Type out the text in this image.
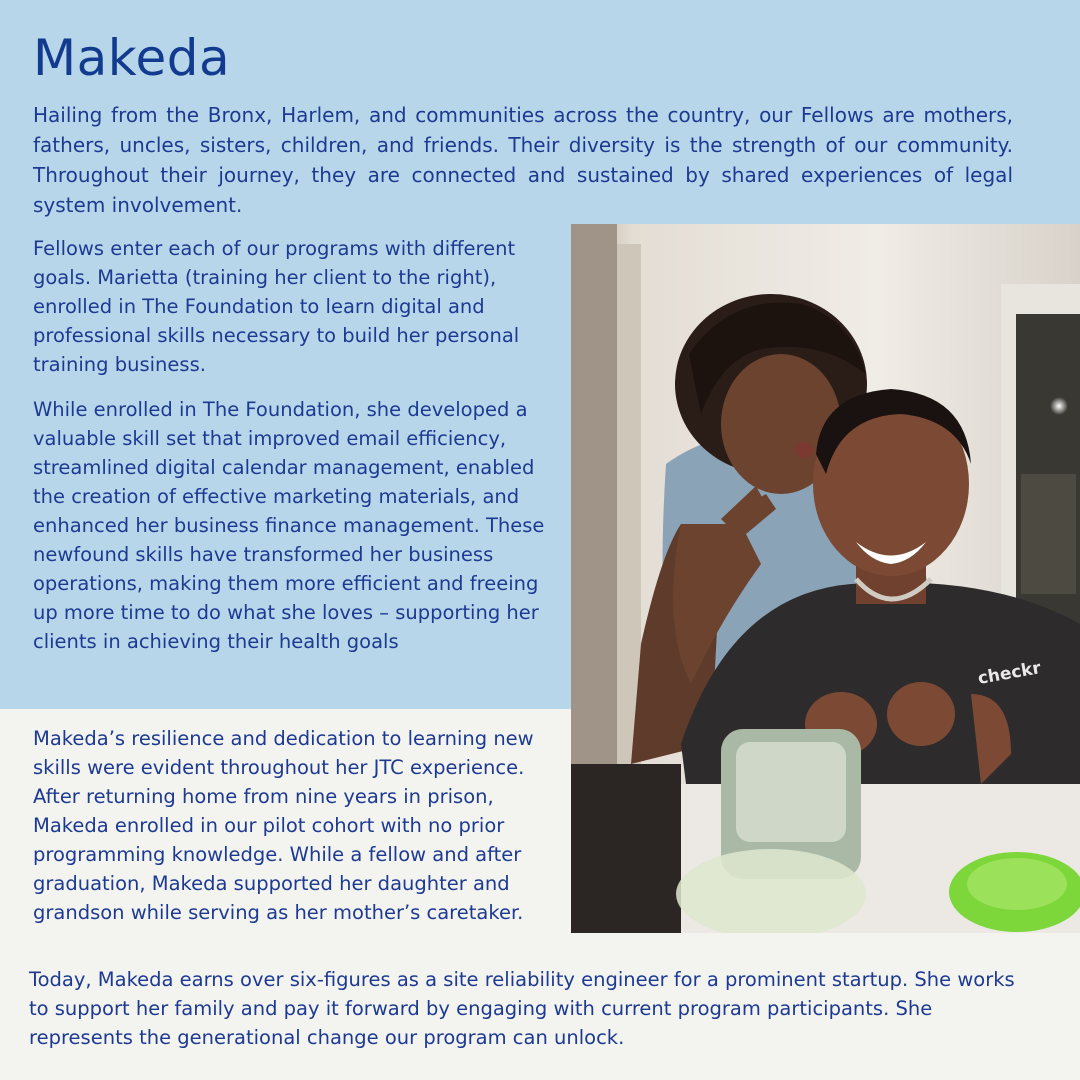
Makeda

Hailing from the Bronx, Harlem, and communities across the country, our Fellows are mothers, fathers, uncles, sisters, children, and friends. Their diversity is the strength of our community. Throughout their journey, they are connected and sustained by shared experiences of legal system involvement.

Fellows enter each of our programs with different goals. Marietta (training her client to the right), enrolled in The Foundation to learn digital and professional skills necessary to build her personal training business.

While enrolled in The Foundation, she developed a valuable skill set that improved email efficiency, streamlined digital calendar management, enabled the creation of effective marketing materials, and enhanced her business finance management. These newfound skills have transformed her business operations, making them more efficient and freeing up more time to do what she loves – supporting her clients in achieving their health goals

checkr

Makeda’s resilience and dedication to learning new skills were evident throughout her JTC experience. After returning home from nine years in prison, Makeda enrolled in our pilot cohort with no prior programming knowledge. While a fellow and after graduation, Makeda supported her daughter and grandson while serving as her mother’s caretaker.

Today, Makeda earns over six-figures as a site reliability engineer for a prominent startup. She works to support her family and pay it forward by engaging with current program participants. She represents the generational change our program can unlock.
